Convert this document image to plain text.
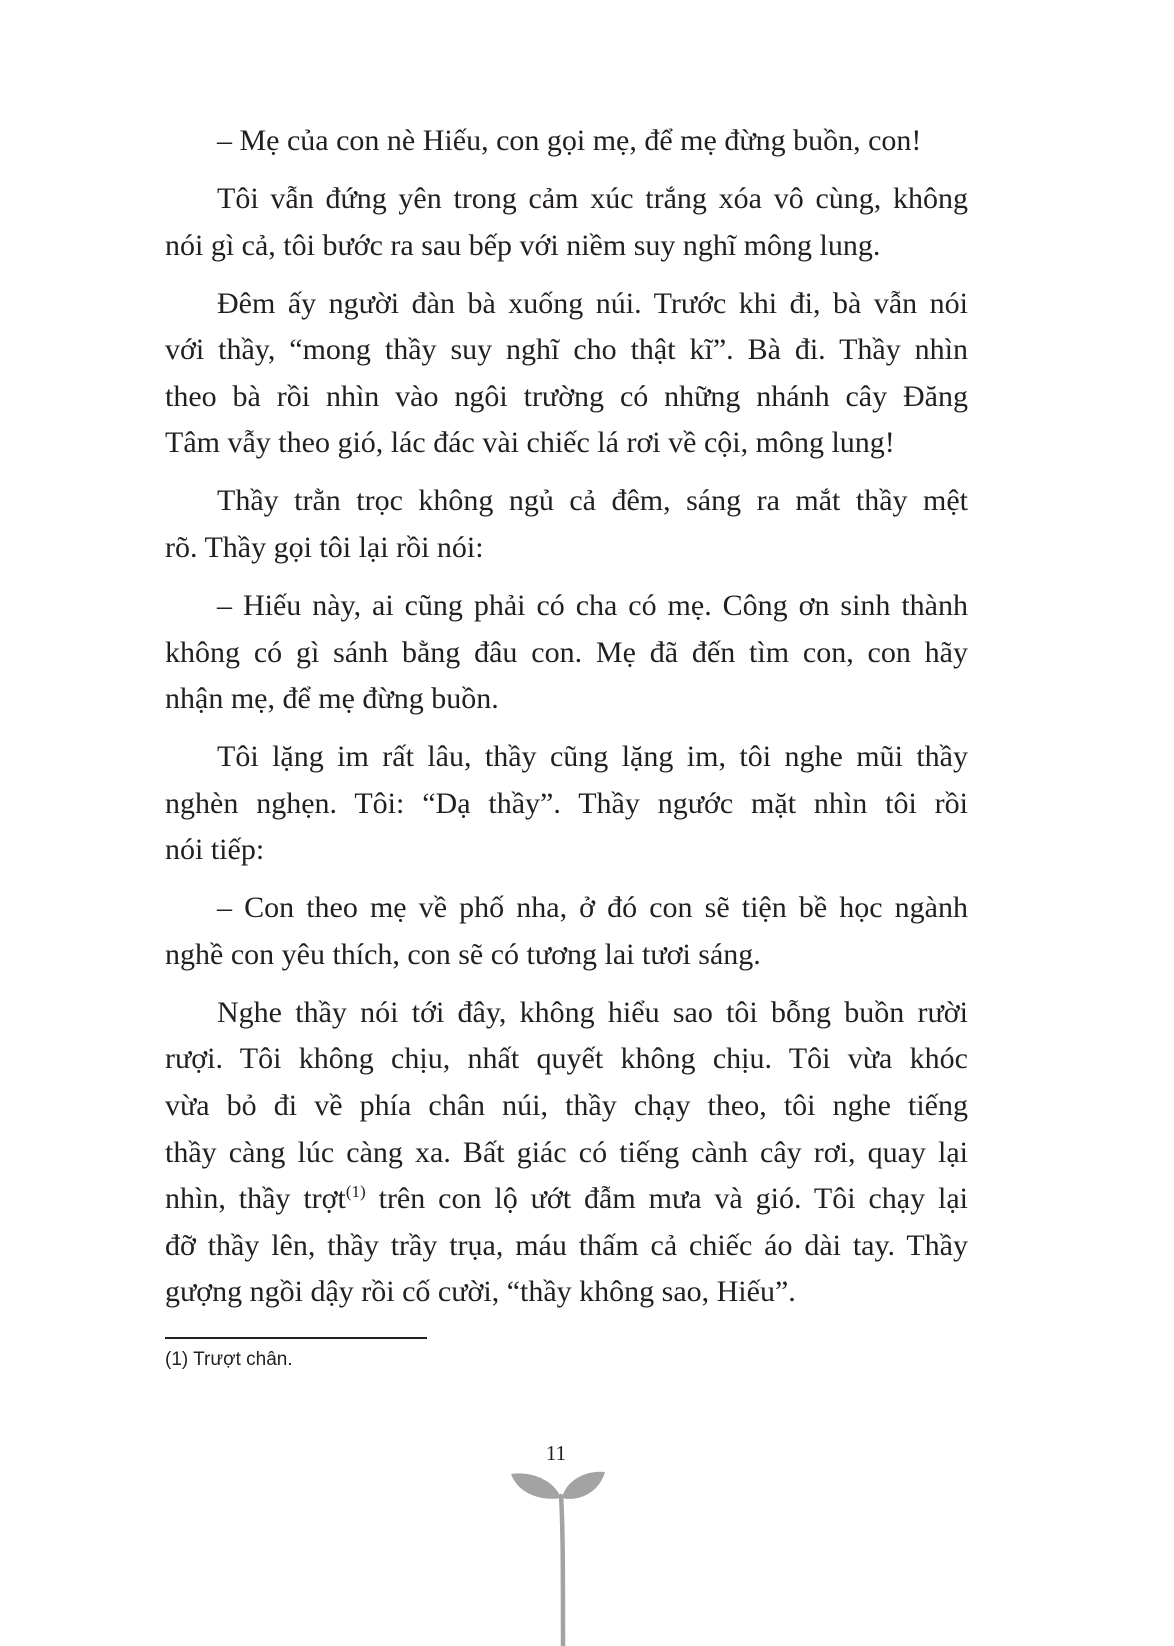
– Mẹ của con nè Hiếu, con gọi mẹ, để mẹ đừng buồn, con!
Tôi vẫn đứng yên trong cảm xúc trắng xóa vô cùng, không
nói gì cả, tôi bước ra sau bếp với niềm suy nghĩ mông lung.
Đêm ấy người đàn bà xuống núi. Trước khi đi, bà vẫn nói
với thầy, “mong thầy suy nghĩ cho thật kĩ”. Bà đi. Thầy nhìn
theo bà rồi nhìn vào ngôi trường có những nhánh cây Đăng
Tâm vẫy theo gió, lác đác vài chiếc lá rơi về cội, mông lung!
Thầy trằn trọc không ngủ cả đêm, sáng ra mắt thầy mệt
rõ. Thầy gọi tôi lại rồi nói:
– Hiếu này, ai cũng phải có cha có mẹ. Công ơn sinh thành
không có gì sánh bằng đâu con. Mẹ đã đến tìm con, con hãy
nhận mẹ, để mẹ đừng buồn.
Tôi lặng im rất lâu, thầy cũng lặng im, tôi nghe mũi thầy
nghèn nghẹn. Tôi: “Dạ thầy”. Thầy ngước mặt nhìn tôi rồi
nói tiếp:
– Con theo mẹ về phố nha, ở đó con sẽ tiện bề học ngành
nghề con yêu thích, con sẽ có tương lai tươi sáng.
Nghe thầy nói tới đây, không hiểu sao tôi bỗng buồn rười
rượi. Tôi không chịu, nhất quyết không chịu. Tôi vừa khóc
vừa bỏ đi về phía chân núi, thầy chạy theo, tôi nghe tiếng
thầy càng lúc càng xa. Bất giác có tiếng cành cây rơi, quay lại
nhìn, thầy trợt$^{(1)}$ trên con lộ ướt đẫm mưa và gió. Tôi chạy lại
đỡ thầy lên, thầy trầy trụa, máu thấm cả chiếc áo dài tay. Thầy
gượng ngồi dậy rồi cố cười, “thầy không sao, Hiếu”.
(1) Trượt chân.
11
